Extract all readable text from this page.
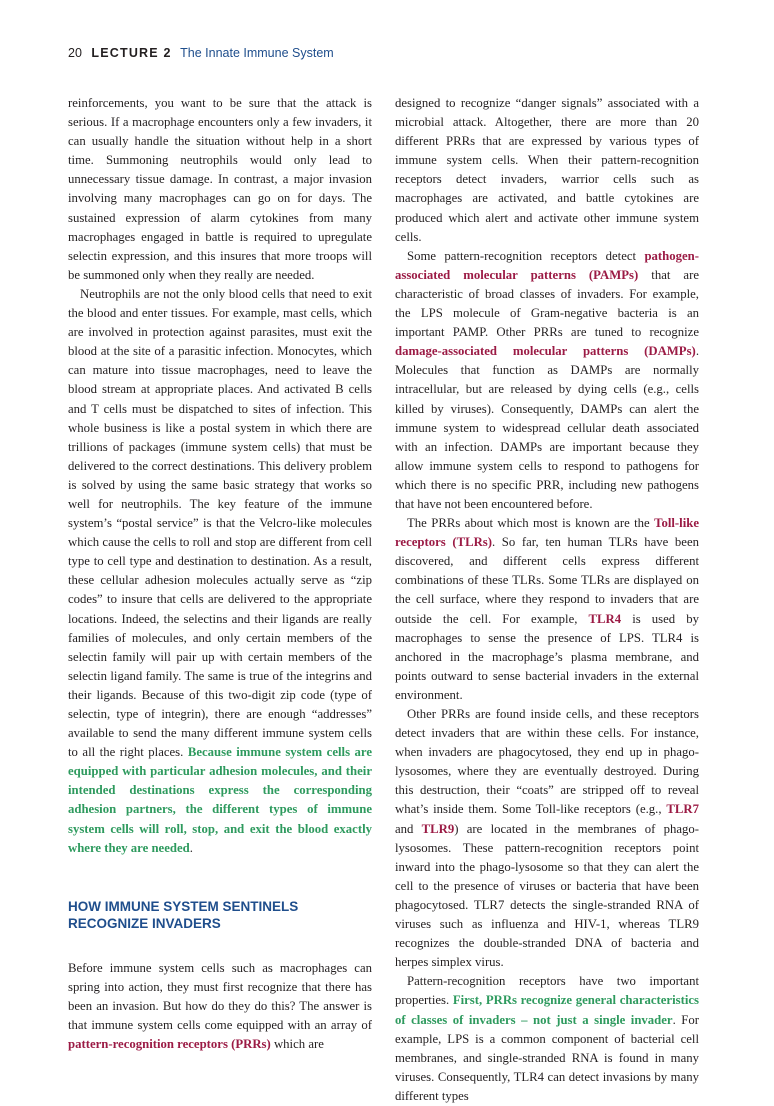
20 LECTURE 2 The Innate Immune System

reinforcements, you want to be sure that the attack is serious. If a macrophage encounters only a few invaders, it can usually handle the situation without help in a short time. Summoning neutrophils would only lead to unnecessary tissue damage. In contrast, a major invasion involving many macrophages can go on for days. The sustained expression of alarm cytokines from many macrophages engaged in battle is required to upregulate selectin expression, and this insures that more troops will be summoned only when they really are needed.

Neutrophils are not the only blood cells that need to exit the blood and enter tissues. For example, mast cells, which are involved in protection against parasites, must exit the blood at the site of a parasitic infection. Monocytes, which can mature into tissue macrophages, need to leave the blood stream at appropriate places. And activated B cells and T cells must be dispatched to sites of infection. This whole business is like a postal system in which there are trillions of packages (immune system cells) that must be delivered to the correct destinations. This delivery problem is solved by using the same basic strategy that works so well for neutrophils. The key feature of the immune system’s “postal service” is that the Velcro-like molecules which cause the cells to roll and stop are different from cell type to cell type and destination to destination. As a result, these cellular adhesion molecules actually serve as “zip codes” to insure that cells are delivered to the appropriate locations. Indeed, the selectins and their ligands are really families of molecules, and only certain members of the selectin family will pair up with certain members of the selectin ligand family. The same is true of the integrins and their ligands. Because of this two-digit zip code (type of selectin, type of integrin), there are enough “addresses” available to send the many different immune system cells to all the right places. Because immune system cells are equipped with particular adhesion molecules, and their intended destinations express the corresponding adhesion partners, the different types of immune system cells will roll, stop, and exit the blood exactly where they are needed.

HOW IMMUNE SYSTEM SENTINELS RECOGNIZE INVADERS

Before immune system cells such as macrophages can spring into action, they must first recognize that there has been an invasion. But how do they do this? The answer is that immune system cells come equipped with an array of pattern-recognition receptors (PRRs) which are

designed to recognize “danger signals” associated with a microbial attack. Altogether, there are more than 20 different PRRs that are expressed by various types of immune system cells. When their pattern-recognition receptors detect invaders, warrior cells such as macrophages are activated, and battle cytokines are produced which alert and activate other immune system cells.

Some pattern-recognition receptors detect pathogen-associated molecular patterns (PAMPs) that are characteristic of broad classes of invaders. For example, the LPS molecule of Gram-negative bacteria is an important PAMP. Other PRRs are tuned to recognize damage-associated molecular patterns (DAMPs). Molecules that function as DAMPs are normally intracellular, but are released by dying cells (e.g., cells killed by viruses). Consequently, DAMPs can alert the immune system to widespread cellular death associated with an infection. DAMPs are important because they allow immune system cells to respond to pathogens for which there is no specific PRR, including new pathogens that have not been encountered before.

The PRRs about which most is known are the Toll-like receptors (TLRs). So far, ten human TLRs have been discovered, and different cells express different combinations of these TLRs. Some TLRs are displayed on the cell surface, where they respond to invaders that are outside the cell. For example, TLR4 is used by macrophages to sense the presence of LPS. TLR4 is anchored in the macrophage’s plasma membrane, and points outward to sense bacterial invaders in the external environment.

Other PRRs are found inside cells, and these receptors detect invaders that are within these cells. For instance, when invaders are phagocytosed, they end up in phago-lysosomes, where they are eventually destroyed. During this destruction, their “coats” are stripped off to reveal what’s inside them. Some Toll-like receptors (e.g., TLR7 and TLR9) are located in the membranes of phago-lysosomes. These pattern-recognition receptors point inward into the phago-lysosome so that they can alert the cell to the presence of viruses or bacteria that have been phagocytosed. TLR7 detects the single-stranded RNA of viruses such as influenza and HIV-1, whereas TLR9 recognizes the double-stranded DNA of bacteria and herpes simplex virus.

Pattern-recognition receptors have two important properties. First, PRRs recognize general characteristics of classes of invaders – not just a single invader. For example, LPS is a common component of bacterial cell membranes, and single-stranded RNA is found in many viruses. Consequently, TLR4 can detect invasions by many different types
